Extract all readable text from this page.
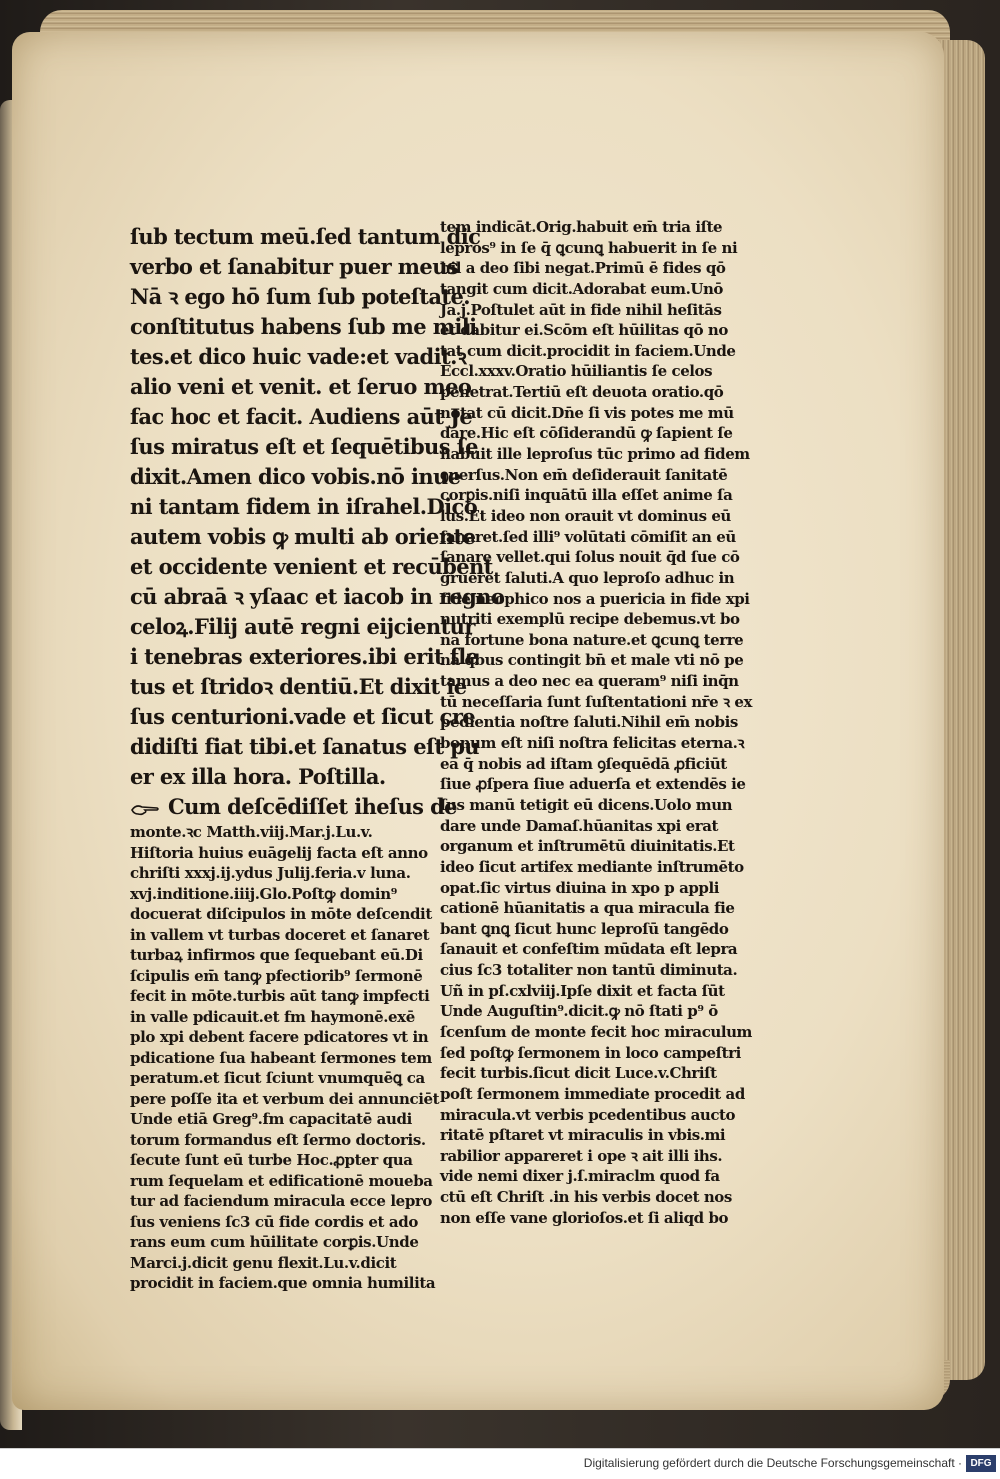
ſub tectum meū.ſed tantum dic
verbo et ſanabitur puer meus
Nā ꝛ ego hō ſum ſub poteſtate.
conſtitutus habens ſub me mili
tes.et dico huic vade:et vadit.ꝛ
alio veni et venit. et ſeruo meo
fac hoc et facit. Audiens aūt Je
ſus miratus eſt et ſequētibus ſe
dixit.Amen dico vobis.nō inue
ni tantam fidem in iſrahel.Dico
autem vobis ꝙ multi ab oriente
et occidente venient et recūbent
cū abraā ꝛ yſaac et iacob in regno
celoꝝ.Filij autē regni eijcientur
i tenebras exteriores.ibi erit fle
tus et ſtridoꝛ dentiū.Et dixit ie
ſus centurioni.vade et ſicut cre
didiſti fiat tibi.et ſanatus eſt pu
er ex illa hora. Poſtilla.
Cum deſcēdiſſet iheſus de
monte.ꝛc Matth.viij.Mar.j.Lu.v.
Hiſtoria huius euāgelij facta eſt anno
chriſti xxxj.ij.ydus Julij.feria.v luna.
xvj.inditione.iiij.Glo.Poſtꝙ domin⁹
docuerat diſcipulos in mōte deſcendit
in vallem vt turbas doceret et ſanaret
turbaꝝ infirmos que ſequebant eū.Di
ſcipulis em̄ tanꝙ pfectiorib⁹ ſermonē
fecit in mōte.turbis aūt tanꝙ impfecti
in valle pdicauit.et fm haymonē.exē
plo xpi debent facere pdicatores vt in
pdicatione ſua habeant ſermones tem
peratum.et ſicut ſciunt vnumquēꝗ ca
pere poſſe ita et verbum dei annunciēt
Unde etiā Greg⁹.fm capacitatē audi
torum formandus eſt ſermo doctoris.
ſecute ſunt eū turbe Hoc.ꝓpter qua
rum ſequelam et edificationē moueba
tur ad faciendum miracula ecce lepro
ſus veniens ſc3 cū fide cordis et ado
rans eum cum hūilitate corꝑis.Unde
Marci.j.dicit genu flexit.Lu.v.dicit
procidit in faciem.que omnia humilita
tem indicāt.Orig.habuit em̄ tria iſte
lepros⁹ in ſe q̄ ꝗcunꝗ habuerit in ſe ni
hil a deo ſibi negat.Primū ē fides qō
tangit cum dicit.Adorabat eum.Unō
Ja.j.Poſtulet aūt in fide nihil heſitās
et dabitur ei.Scōm eſt hūilitas qō no
tat cum dicit.procidit in faciem.Unde
Eccl.xxxv.Oratio hūiliantis ſe celos
penetrat.Tertiū eſt deuota oratio.qō
notat cū dicit.Dn̄e ſi vis potes me mū
dare.Hic eſt cōſiderandū ꝙ ſapient ſe
habuit ille leproſus tūc primo ad fidem
ꝯuerſus.Non em̄ deſiderauit ſanitatē
corꝑis.niſi inquātū illa eſſet anime ſa
lus.Et ideo non orauit vt dominus eū
ſanaret.ſed illi⁹ volūtati cōmiſit an eū
ſanare vellet.qui ſolus nouit q̄d ſue cō
grueret ſaluti.A quo leproſo adhuc in
fide neophico nos a puericia in fide xpi
nutriti exemplū recipe debemus.vt bo
na fortune bona nature.et ꝗcunꝗ terre
na q̄bus contingit bn̄ et male vti nō pe
tamus a deo nec ea queram⁹ niſi inq̄n
tū neceſſaria ſunt ſuſtentationi nr̄e ꝛ ex
pedientia noſtre ſaluti.Nihil em̄ nobis
bonum eſt niſi noſtra felicitas eterna.ꝛ
ea q̄ nobis ad iſtam ꝯſequēdā ꝓficiūt
ſiue ꝓſpera ſiue aduerſa et extendēs ie
ſus manū tetigit eū dicens.Uolo mun
dare unde Damaſ.hūanitas xpi erat
organum et inſtrumētū diuinitatis.Et
ideo ſicut artifex mediante inſtrumēto
opat.ſic virtus diuina in xpo p appli
cationē hūanitatis a qua miracula fie
bant ꝗnꝗ ſicut hunc leproſū tangēdo
ſanauit et confeſtim mūdata eſt lepra
cius ſc3 totaliter non tantū diminuta.
Uñ in pſ.cxlviij.Ipſe dixit et facta ſūt
Unde Auguſtin⁹.dicit.ꝙ nō ſtati p⁹ ō
ſcenſum de monte fecit hoc miraculum
ſed poſtꝙ ſermonem in loco campeſtri
fecit turbis.ſicut dicit Luce.v.Chriſt
poſt ſermonem immediate procedit ad
miracula.vt verbis pcedentibus aucto
ritatē pſtaret vt miraculis in vbis.mi
rabilior appareret i ope ꝛ ait illi ihs.
vide nemi dixer j.ſ.miraclm quod fa
ctū eſt Chriſt .in his verbis docet nos
non eſſe vane glorioſos.et ſi aliqd bo
Digitalisierung gefördert durch die Deutsche Forschungsgemeinschaft · DFG
